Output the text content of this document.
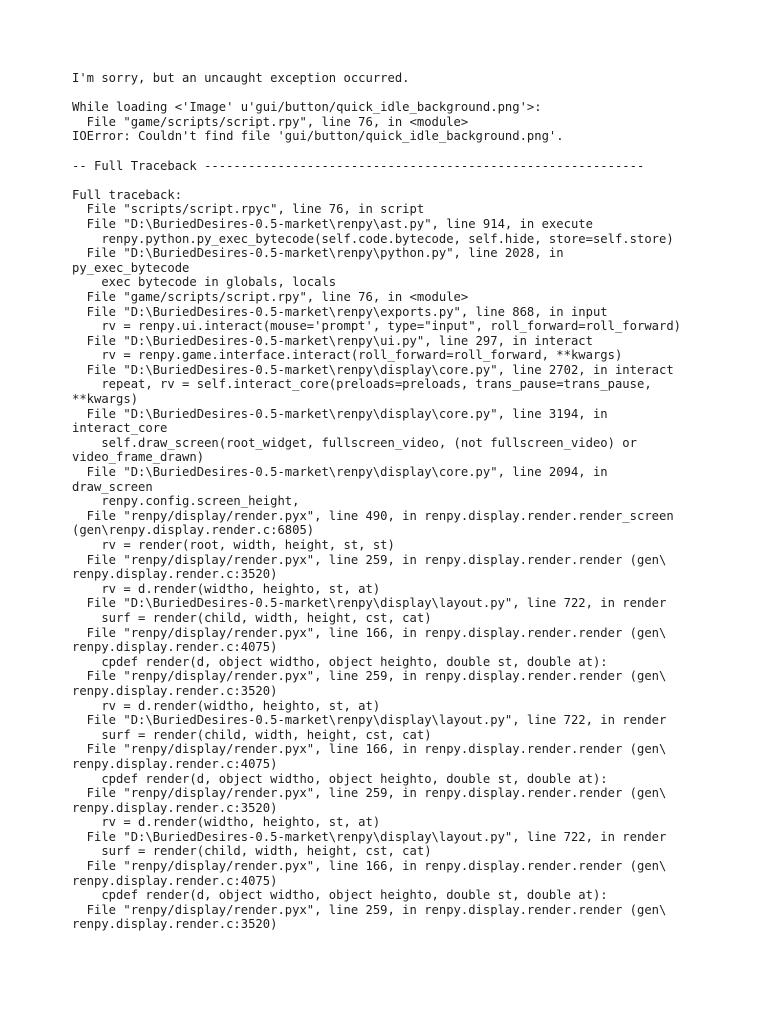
I'm sorry, but an uncaught exception occurred.
While loading <'Image' u'gui/button/quick_idle_background.png'>:
File "game/scripts/script.rpy", line 76, in <module>
IOError: Couldn't find file 'gui/button/quick_idle_background.png'.
-- Full Traceback ------------------------------------------------------------
Full traceback:
File "scripts/script.rpyc", line 76, in script
File "D:\BuriedDesires-0.5-market\renpy\ast.py", line 914, in execute
renpy.python.py_exec_bytecode(self.code.bytecode, self.hide, store=self.store)
File "D:\BuriedDesires-0.5-market\renpy\python.py", line 2028, in
py_exec_bytecode
exec bytecode in globals, locals
File "game/scripts/script.rpy", line 76, in <module>
File "D:\BuriedDesires-0.5-market\renpy\exports.py", line 868, in input
rv = renpy.ui.interact(mouse='prompt', type="input", roll_forward=roll_forward)
File "D:\BuriedDesires-0.5-market\renpy\ui.py", line 297, in interact
rv = renpy.game.interface.interact(roll_forward=roll_forward, **kwargs)
File "D:\BuriedDesires-0.5-market\renpy\display\core.py", line 2702, in interact
repeat, rv = self.interact_core(preloads=preloads, trans_pause=trans_pause,
**kwargs)
File "D:\BuriedDesires-0.5-market\renpy\display\core.py", line 3194, in
interact_core
self.draw_screen(root_widget, fullscreen_video, (not fullscreen_video) or
video_frame_drawn)
File "D:\BuriedDesires-0.5-market\renpy\display\core.py", line 2094, in
draw_screen
renpy.config.screen_height,
File "renpy/display/render.pyx", line 490, in renpy.display.render.render_screen
(gen\renpy.display.render.c:6805)
rv = render(root, width, height, st, st)
File "renpy/display/render.pyx", line 259, in renpy.display.render.render (gen\
renpy.display.render.c:3520)
rv = d.render(widtho, heighto, st, at)
File "D:\BuriedDesires-0.5-market\renpy\display\layout.py", line 722, in render
surf = render(child, width, height, cst, cat)
File "renpy/display/render.pyx", line 166, in renpy.display.render.render (gen\
renpy.display.render.c:4075)
cpdef render(d, object widtho, object heighto, double st, double at):
File "renpy/display/render.pyx", line 259, in renpy.display.render.render (gen\
renpy.display.render.c:3520)
rv = d.render(widtho, heighto, st, at)
File "D:\BuriedDesires-0.5-market\renpy\display\layout.py", line 722, in render
surf = render(child, width, height, cst, cat)
File "renpy/display/render.pyx", line 166, in renpy.display.render.render (gen\
renpy.display.render.c:4075)
cpdef render(d, object widtho, object heighto, double st, double at):
File "renpy/display/render.pyx", line 259, in renpy.display.render.render (gen\
renpy.display.render.c:3520)
rv = d.render(widtho, heighto, st, at)
File "D:\BuriedDesires-0.5-market\renpy\display\layout.py", line 722, in render
surf = render(child, width, height, cst, cat)
File "renpy/display/render.pyx", line 166, in renpy.display.render.render (gen\
renpy.display.render.c:4075)
cpdef render(d, object widtho, object heighto, double st, double at):
File "renpy/display/render.pyx", line 259, in renpy.display.render.render (gen\
renpy.display.render.c:3520)
